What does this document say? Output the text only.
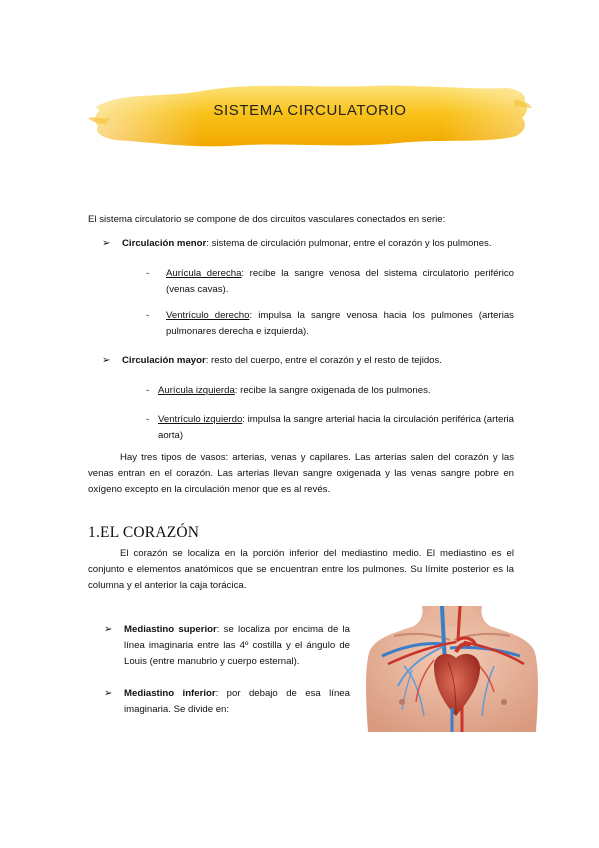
SISTEMA CIRCULATORIO
El sistema circulatorio se compone de dos circuitos vasculares conectados en serie:
➢ Circulación menor: sistema de circulación pulmonar, entre el corazón y los pulmones.
- Aurícula derecha: recibe la sangre venosa del sistema circulatorio periférico (venas cavas).
- Ventrículo derecho: impulsa la sangre venosa hacia los pulmones (arterias pulmonares derecha e izquierda).
➢ Circulación mayor: resto del cuerpo, entre el corazón y el resto de tejidos.
- Aurícula izquierda: recibe la sangre oxigenada de los pulmones.
- Ventrículo izquierdo: impulsa la sangre arterial hacia la circulación periférica (arteria aorta)
Hay tres tipos de vasos: arterias, venas y capilares. Las arterias salen del corazón y las venas entran en el corazón. Las arterias llevan sangre oxigenada y las venas sangre pobre en oxígeno excepto en la circulación menor que es al revés.
1.EL CORAZÓN
El corazón se localiza en la porción inferior del mediastino medio. El mediastino es el conjunto e elementos anatómicos que se encuentran entre los pulmones. Su límite posterior es la columna y el anterior la caja torácica.
➢ Mediastino superior: se localiza por encima de la línea imaginaria entre las 4º costilla y el ángulo de Louis (entre manubrio y cuerpo esternal).
➢ Mediastino inferior: por debajo de esa línea imaginaria. Se divide en:
